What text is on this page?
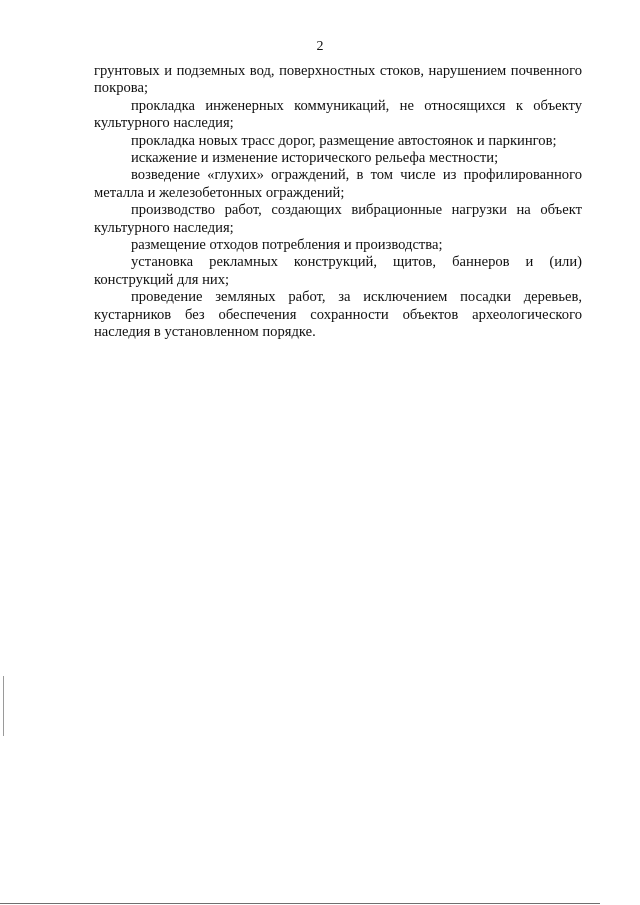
2

грунтовых и подземных вод, поверхностных стоков, нарушением почвенного покрова;

прокладка инженерных коммуникаций, не относящихся к объекту культурного наследия;

прокладка новых трасс дорог, размещение автостоянок и паркингов;

искажение и изменение исторического рельефа местности;

возведение «глухих» ограждений, в том числе из профилированного металла и железобетонных ограждений;

производство работ, создающих вибрационные нагрузки на объект культурного наследия;

размещение отходов потребления и производства;

установка рекламных конструкций, щитов, баннеров и (или) конструкций для них;

проведение земляных работ, за исключением посадки деревьев, кустарников без обеспечения сохранности объектов археологического наследия в установленном порядке.
